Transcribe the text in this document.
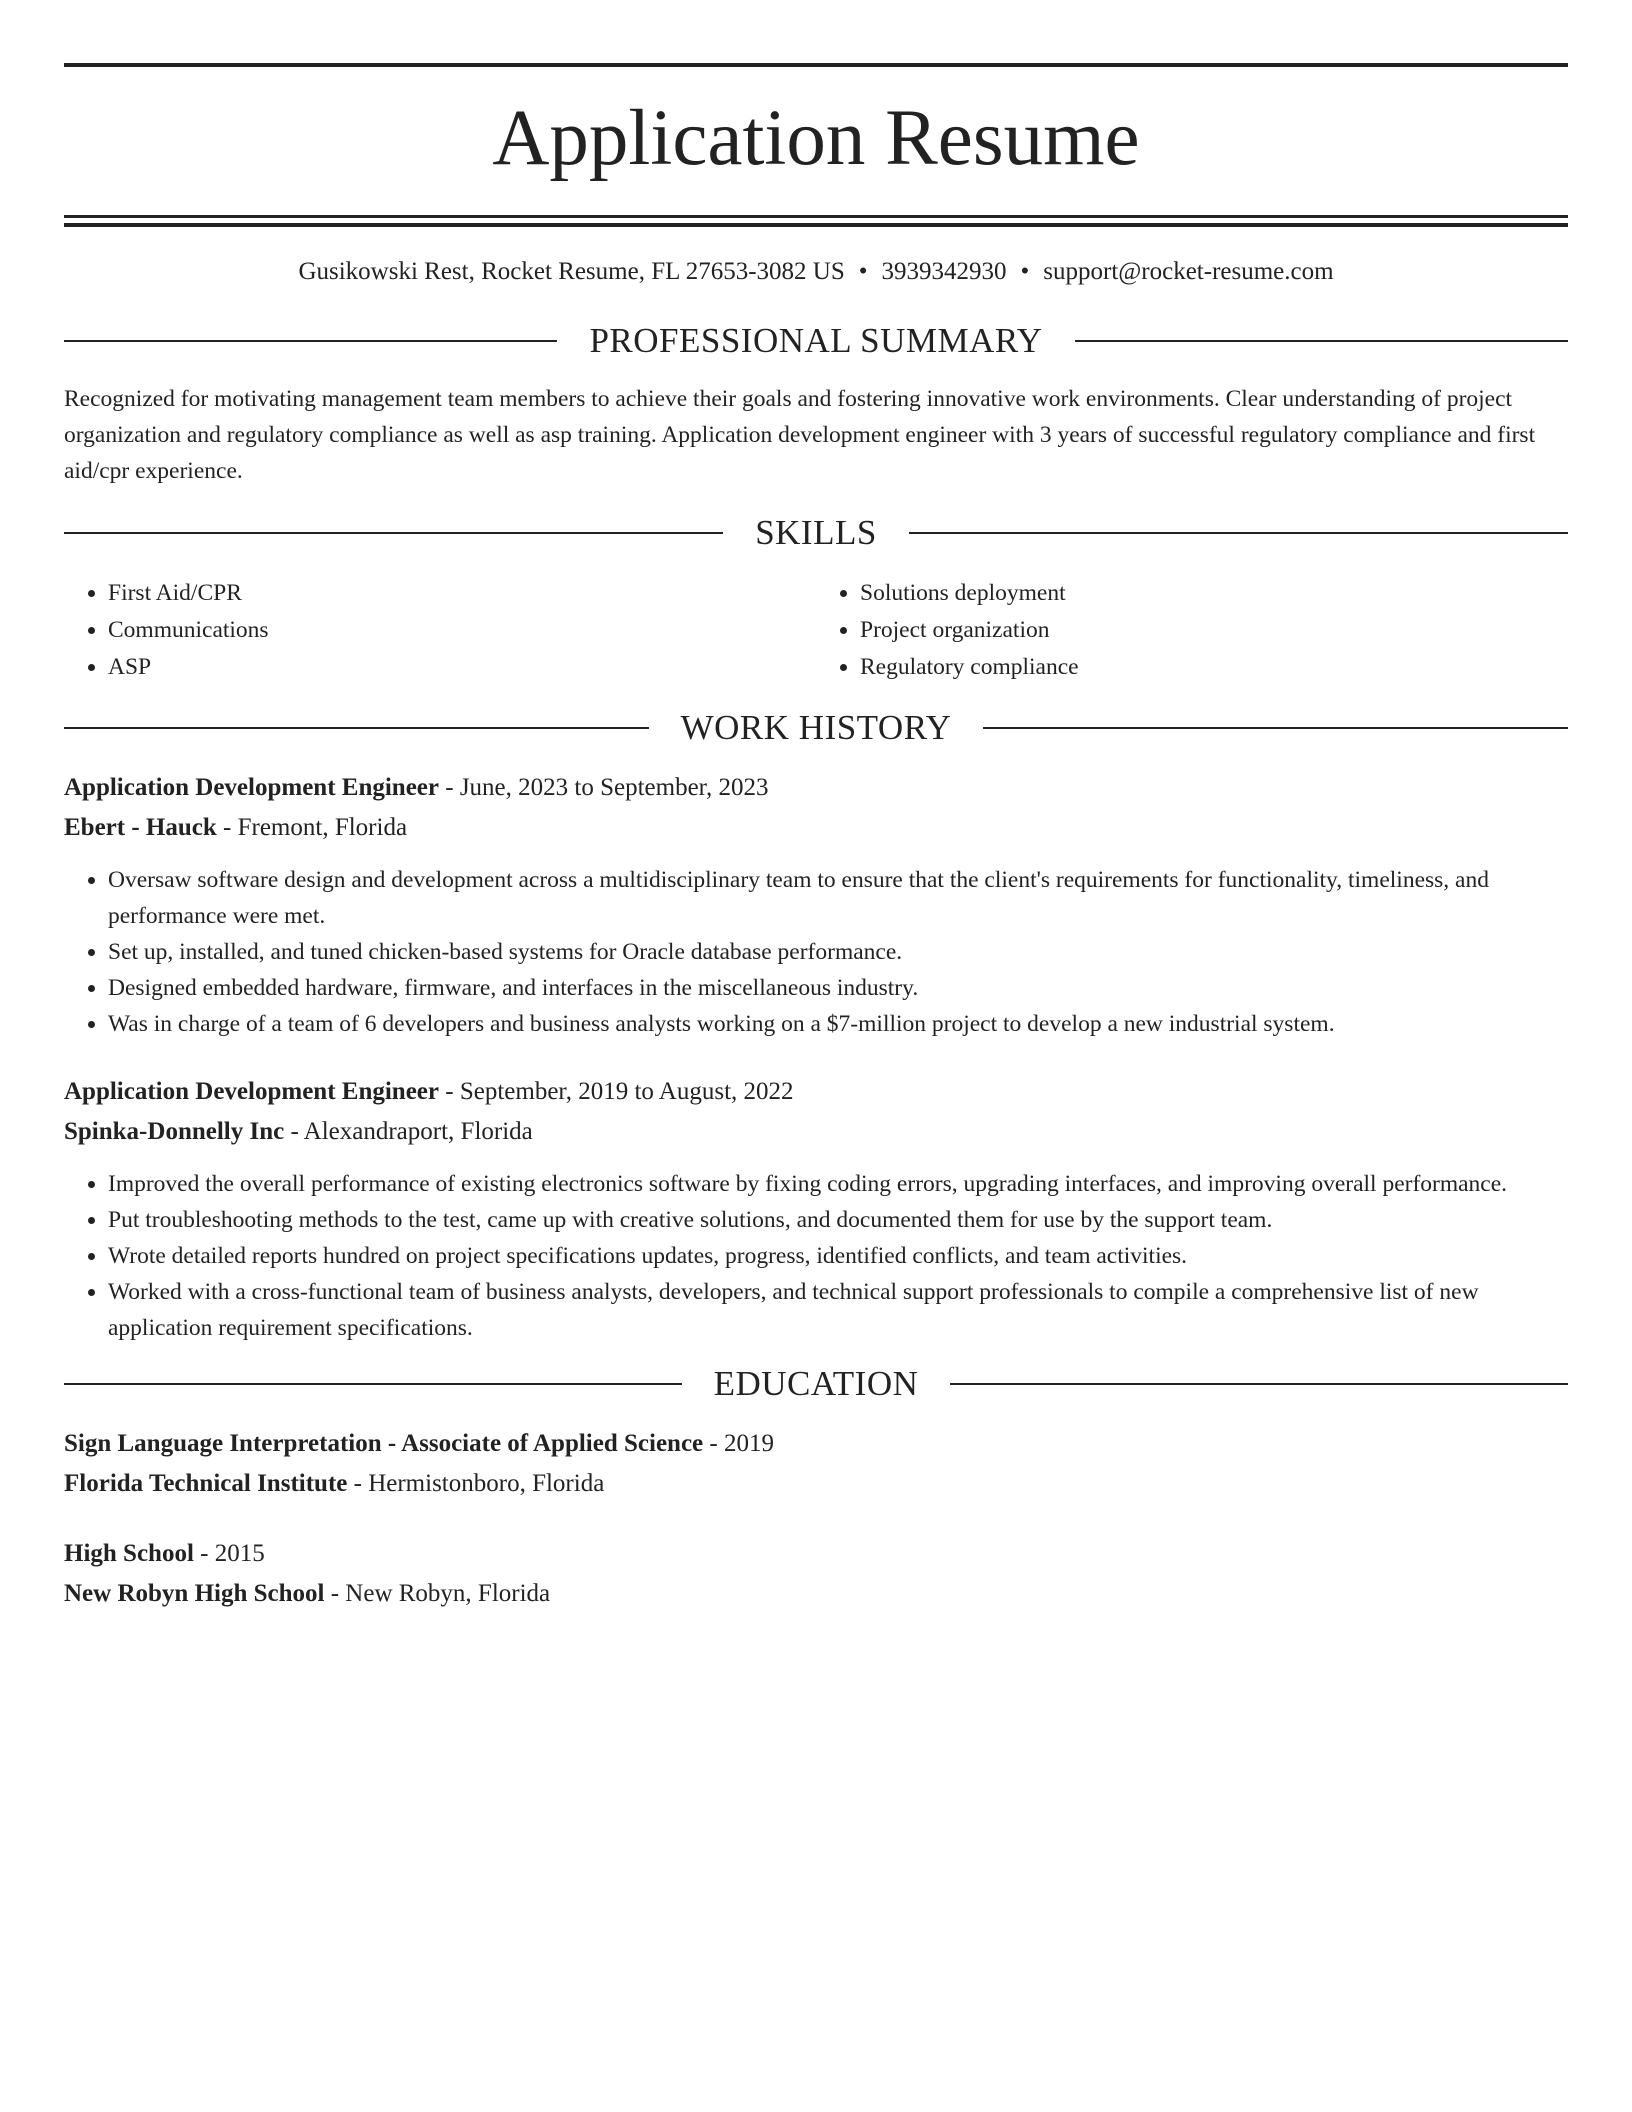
Application Resume
Gusikowski Rest, Rocket Resume, FL 27653-3082 US • 3939342930 • support@rocket-resume.com
PROFESSIONAL SUMMARY
Recognized for motivating management team members to achieve their goals and fostering innovative work environments. Clear understanding of project organization and regulatory compliance as well as asp training. Application development engineer with 3 years of successful regulatory compliance and first aid/cpr experience.
SKILLS
• First Aid/CPR
• Communications
• ASP
• Solutions deployment
• Project organization
• Regulatory compliance
WORK HISTORY
Application Development Engineer - June, 2023 to September, 2023
Ebert - Hauck - Fremont, Florida
• Oversaw software design and development across a multidisciplinary team to ensure that the client's requirements for functionality, timeliness, and performance were met.
• Set up, installed, and tuned chicken-based systems for Oracle database performance.
• Designed embedded hardware, firmware, and interfaces in the miscellaneous industry.
• Was in charge of a team of 6 developers and business analysts working on a $7-million project to develop a new industrial system.
Application Development Engineer - September, 2019 to August, 2022
Spinka-Donnelly Inc - Alexandraport, Florida
• Improved the overall performance of existing electronics software by fixing coding errors, upgrading interfaces, and improving overall performance.
• Put troubleshooting methods to the test, came up with creative solutions, and documented them for use by the support team.
• Wrote detailed reports hundred on project specifications updates, progress, identified conflicts, and team activities.
• Worked with a cross-functional team of business analysts, developers, and technical support professionals to compile a comprehensive list of new application requirement specifications.
EDUCATION
Sign Language Interpretation - Associate of Applied Science - 2019
Florida Technical Institute - Hermistonboro, Florida
High School - 2015
New Robyn High School - New Robyn, Florida
